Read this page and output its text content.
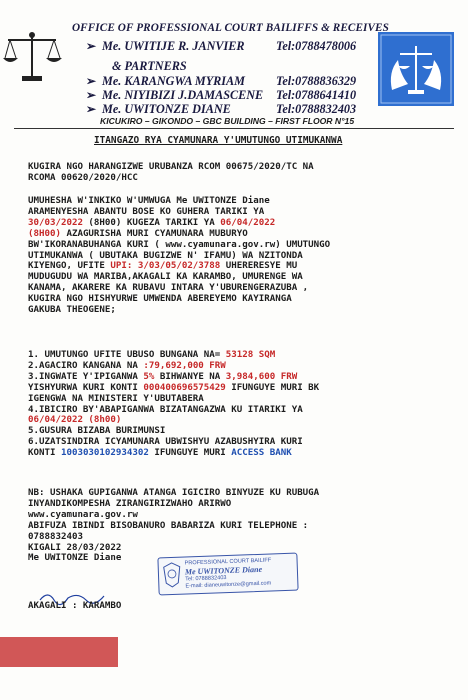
OFFICE OF PROFESSIONAL COURT BAILIFFS & RECEIVES
➢ Me. UWITIJE R. JANVIER	Tel:0788478006
& PARTNERS
➢ Me. KARANGWA MYRIAM	Tel:0788836329
➢ Me. NIYIBIZI J.DAMASCENE Tel:0788641410
➢ Me. UWITONZE DIANE	Tel:0788832403
KICUKIRO – GIKONDO – GBC BUILDING – FIRST FLOOR N°15
ITANGAZO RYA CYAMUNARA Y'UMUTUNGO UTIMUKANWA
KUGIRA NGO HARANGIZWE URUBANZA RCOM 00675/2020/TC NA
RCOMA 00620/2020/HCC
UMUHESHA W'INKIKO W'UMWUGA Me UWITONZE Diane
ARAMENYESHA ABANTU BOSE KO GUHERA TARIKI YA
30/03/2022 (8H00) KUGEZA TARIKI YA 06/04/2022
(8H00) AZAGURISHA MURI CYAMUNARA MUBURYO
BW'IKORANABUHANGA KURI ( www.cyamunara.gov.rw) UMUTUNGO
UTIMUKANWA ( UBUTAKA BUGIZWE N' IFAMU) WA NZITONDA
KIYENGO, UFITE UPI: 3/03/05/02/3788 UHERERESYE MU
MUDUGUDU WA MARIBA,AKAGALI KA KARAMBO, UMURENGE WA
KANAMA, AKARERE KA RUBAVU INTARA Y'UBURENGERAZUBA ,
KUGIRA NGO HISHYURWE UMWENDA ABEREYEMO KAYIRANGA
GAKUBA THEOGENE;
1. UMUTUNGO UFITE UBUSO BUNGANA NA= 53128 SQM
2.AGACIRO KANGANA NA :79,692,000 FRW
3.INGWATE Y'IPIGANWA 5% BIHWANYE NA 3,984,600 FRW
YISHYURWA KURI KONTI 000400696575429 IFUNGUYE MURI BK
IGENGWA NA MINISTERI Y'UBUTABERA
4.IBICIRO BY'ABAPIGANWA BIZATANGAZWA KU ITARIKI YA
06/04/2022 (8h00)
5.GUSURA BIZABA BURIMUNSI
6.UZATSINDIRA ICYAMUNARA UBWISHYU AZABUSHYIRA KURI
KONTI 1003030102934302 IFUNGUYE MURI ACCESS BANK
NB: USHAKA GUPIGANWA ATANGA IGICIRO BINYUZE KU RUBUGA
INYANDIKOMPESHA ZIRANGIRIZWAHO ARIRWO
www.cyamunara.gov.rw
ABIFUZA IBINDI BISOBANURO BABARIZA KURI TELEPHONE :
0788832403
KIGALI 28/03/2022
Me UWITONZE Diane	PROFESSIONAL COURT BAILIFF
Me UWITONZE Diane
Tel: 0788832403
E-mail: dianeuwitonze@gmail.com
AKAGALI : KARAMBO
